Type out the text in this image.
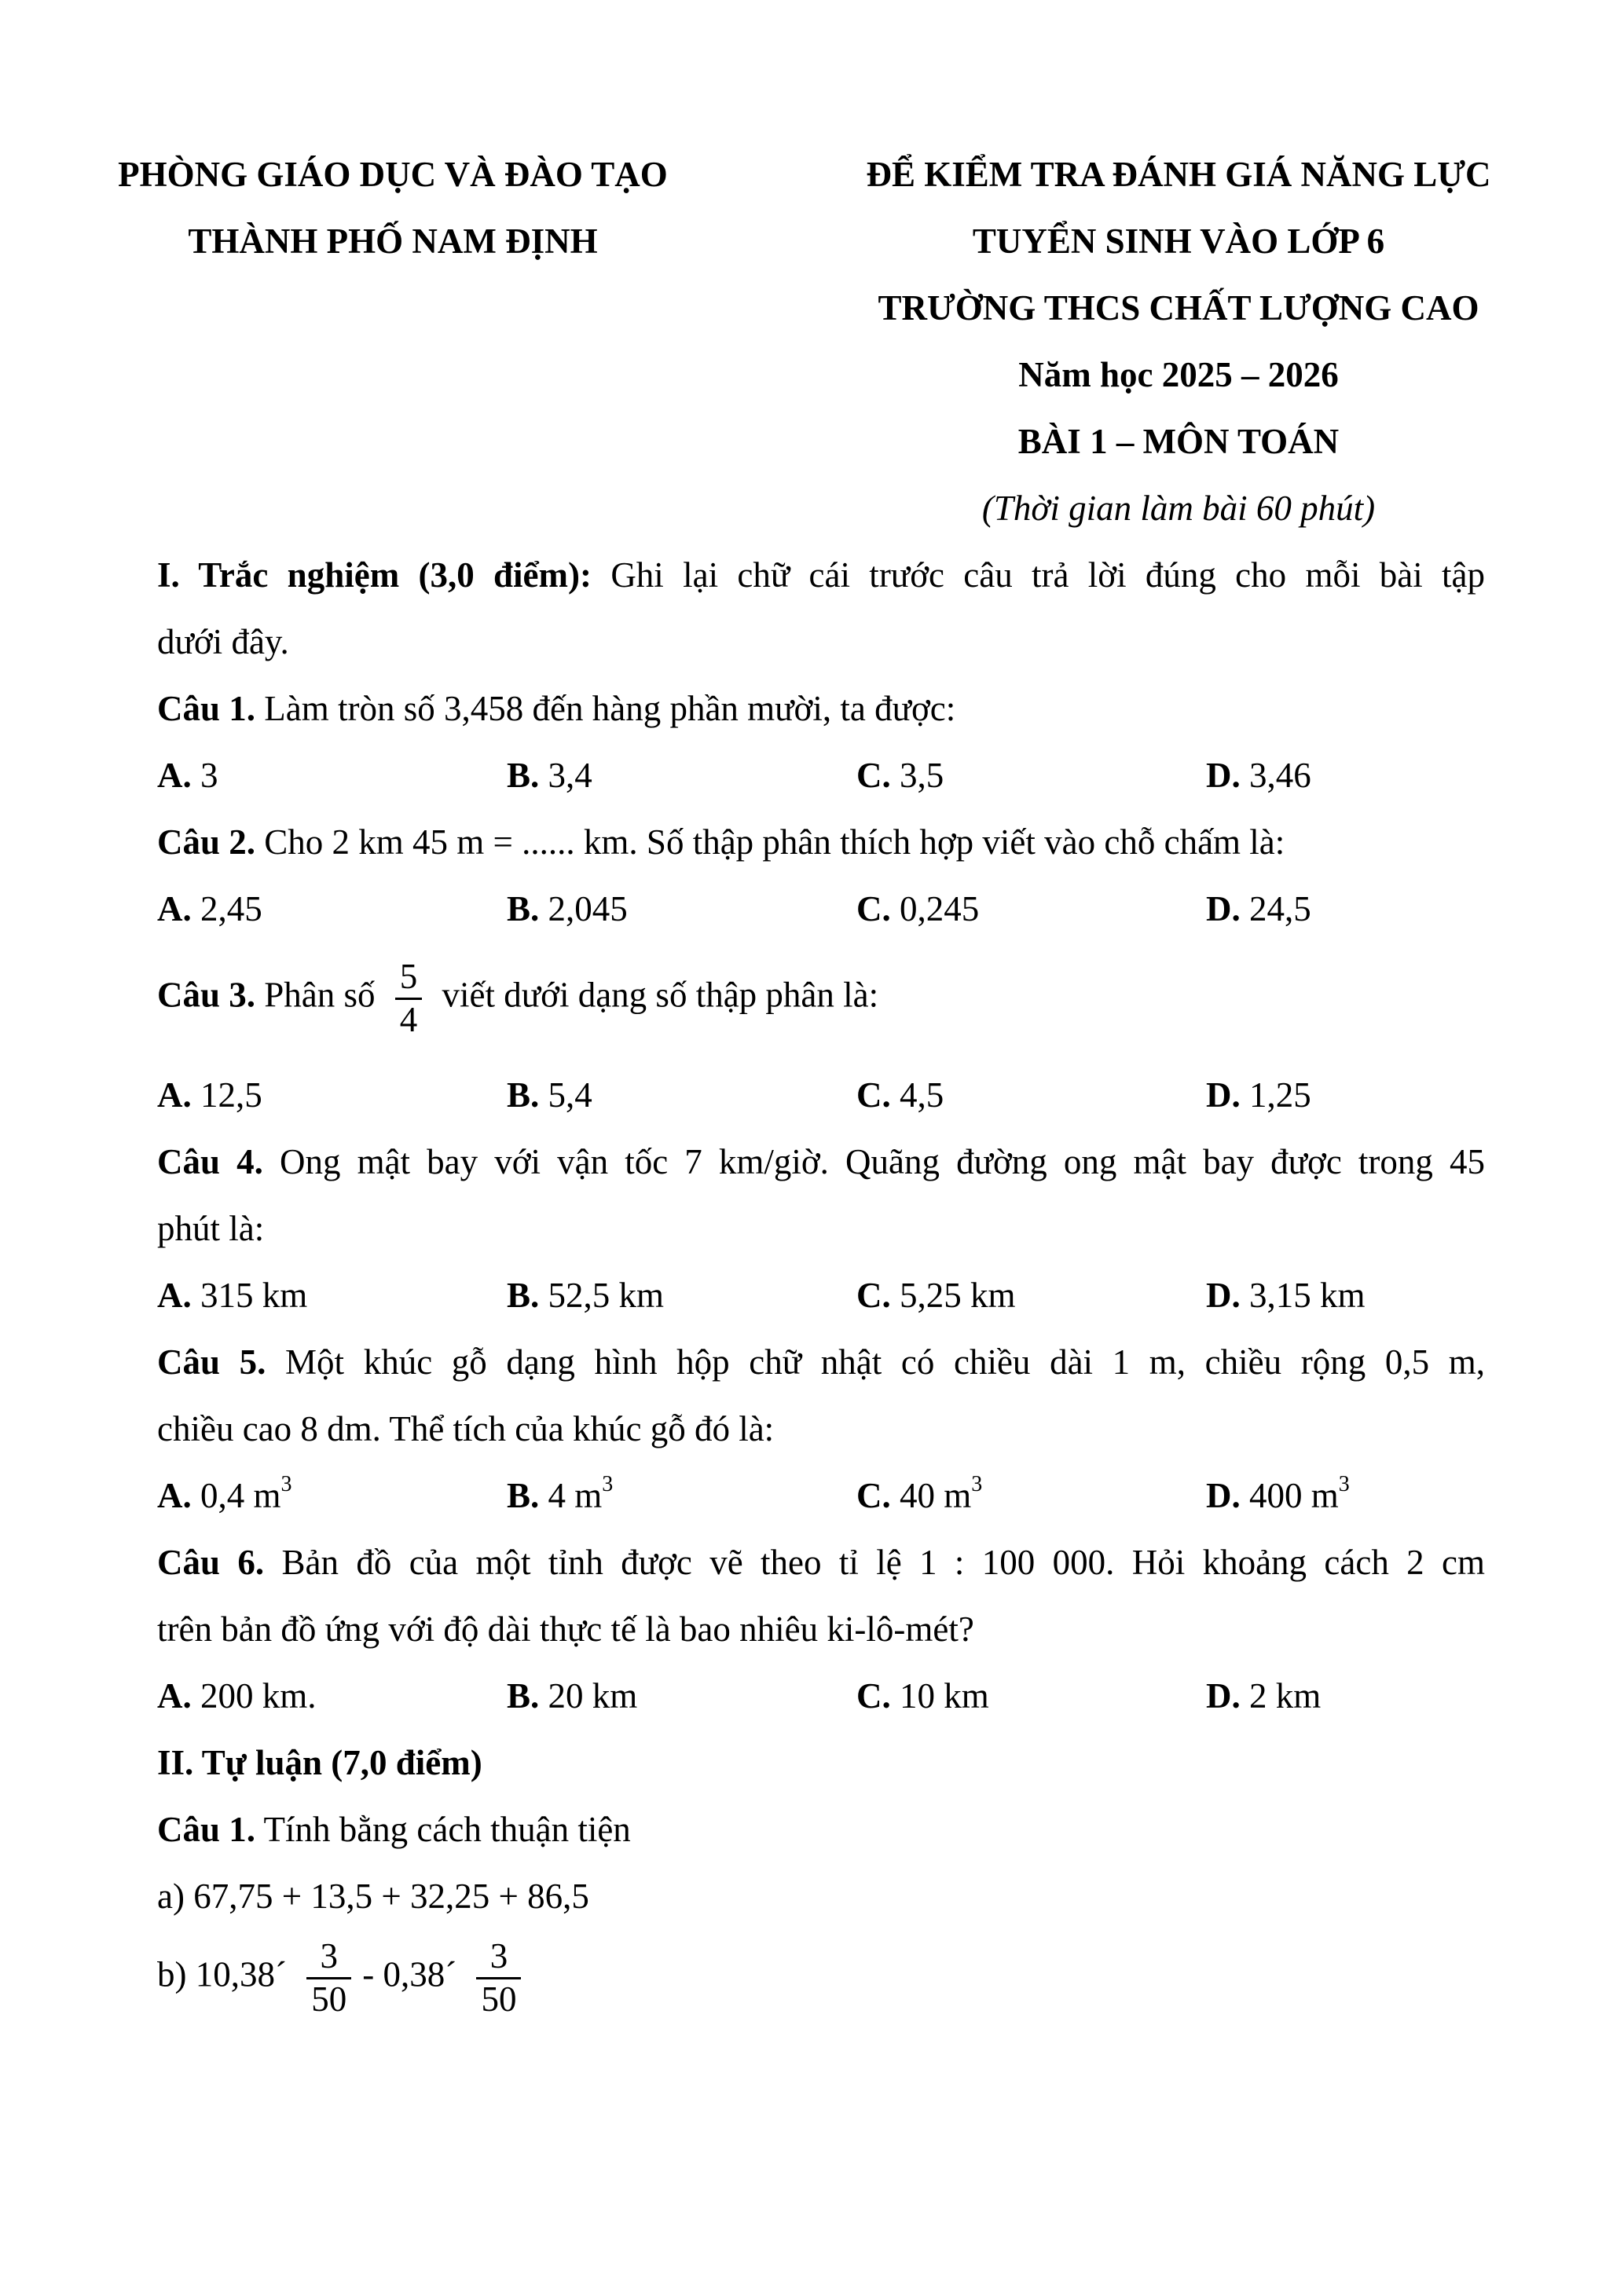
PHÒNG GIÁO DỤC VÀ ĐÀO TẠO
THÀNH PHỐ NAM ĐỊNH
ĐỂ KIỂM TRA ĐÁNH GIÁ NĂNG LỰC
TUYỂN SINH VÀO LỚP 6
TRƯỜNG THCS CHẤT LƯỢNG CAO
Năm học 2025 – 2026
BÀI 1 – MÔN TOÁN
(Thời gian làm bài 60 phút)
I. Trắc nghiệm (3,0 điểm): Ghi lại chữ cái trước câu trả lời đúng cho mỗi bài tập
dưới đây.
Câu 1. Làm tròn số 3,458 đến hàng phần mười, ta được:
A. 3	B. 3,4	C. 3,5	D. 3,46
Câu 2. Cho 2 km 45 m = ...... km. Số thập phân thích hợp viết vào chỗ chấm là:
A. 2,45	B. 2,045	C. 0,245	D. 24,5
Câu 3. Phân số $\frac{5}{4}$ viết dưới dạng số thập phân là:
A. 12,5	B. 5,4	C. 4,5	D. 1,25
Câu 4. Ong mật bay với vận tốc 7 km/giờ. Quãng đường ong mật bay được trong 45
phút là:
A. 315 km	B. 52,5 km	C. 5,25 km	D. 3,15 km
Câu 5. Một khúc gỗ dạng hình hộp chữ nhật có chiều dài 1 m, chiều rộng 0,5 m,
chiều cao 8 dm. Thể tích của khúc gỗ đó là:
A. 0,4 $m^3$	B. 4 $m^3$	C. 40 $m^3$	D. 400 $m^3$
Câu 6. Bản đồ của một tỉnh được vẽ theo tỉ lệ 1 : 100 000. Hỏi khoảng cách 2 cm
trên bản đồ ứng với độ dài thực tế là bao nhiêu ki-lô-mét?
A. 200 km.	B. 20 km	C. 10 km	D. 2 km
II. Tự luận (7,0 điểm)
Câu 1. Tính bằng cách thuận tiện
a) 67,75 + 13,5 + 32,25 + 86,5
b) 10,38´ $\frac{3}{50}$ - 0,38´ $\frac{3}{50}$
